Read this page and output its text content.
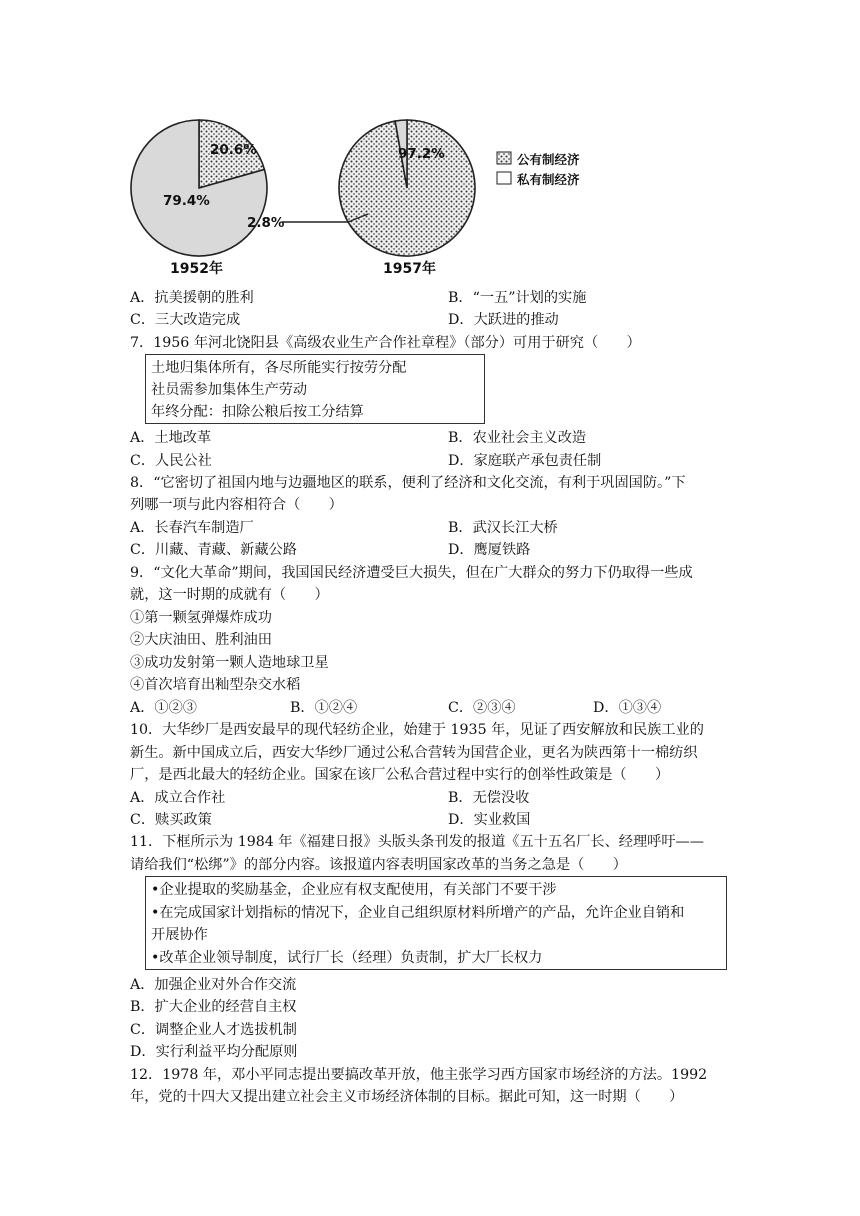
20.6%
79.4%
97.2%
2.8%
1952年	1957年
公有制经济
私有制经济
A．抗美援朝的胜利	B．“一五”计划的实施
C．三大改造完成	D．大跃进的推动
7．1956 年河北饶阳县《高级农业生产合作社章程》（部分）可用于研究（　　）
土地归集体所有，各尽所能实行按劳分配
社员需参加集体生产劳动
年终分配：扣除公粮后按工分结算
A．土地改革	B．农业社会主义改造
C．人民公社	D．家庭联产承包责任制
8．“它密切了祖国内地与边疆地区的联系，便利了经济和文化交流，有利于巩固国防。”下
列哪一项与此内容相符合（　　）
A．长春汽车制造厂	B．武汉长江大桥
C．川藏、青藏、新藏公路	D．鹰厦铁路
9．“文化大革命”期间，我国国民经济遭受巨大损失，但在广大群众的努力下仍取得一些成
就，这一时期的成就有（　　）
①第一颗氢弹爆炸成功
②大庆油田、胜利油田
③成功发射第一颗人造地球卫星
④首次培育出籼型杂交水稻
A．①②③	B．①②④	C．②③④	D．①③④
10．大华纱厂是西安最早的现代轻纺企业，始建于 1935 年，见证了西安解放和民族工业的
新生。新中国成立后，西安大华纱厂通过公私合营转为国营企业，更名为陕西第十一棉纺织
厂，是西北最大的轻纺企业。国家在该厂公私合营过程中实行的创举性政策是（　　）
A．成立合作社	B．无偿没收
C．赎买政策	D．实业救国
11．下框所示为 1984 年《福建日报》头版头条刊发的报道《五十五名厂长、经理呼吁——
请给我们“松绑”》的部分内容。该报道内容表明国家改革的当务之急是（　　）
•企业提取的奖励基金，企业应有权支配使用，有关部门不要干涉
•在完成国家计划指标的情况下，企业自己组织原材料所增产的产品，允许企业自销和
开展协作
•改革企业领导制度，试行厂长（经理）负责制，扩大厂长权力
A．加强企业对外合作交流
B．扩大企业的经营自主权
C．调整企业人才选拔机制
D．实行利益平均分配原则
12．1978 年，邓小平同志提出要搞改革开放，他主张学习西方国家市场经济的方法。1992
年，党的十四大又提出建立社会主义市场经济体制的目标。据此可知，这一时期（　　）
